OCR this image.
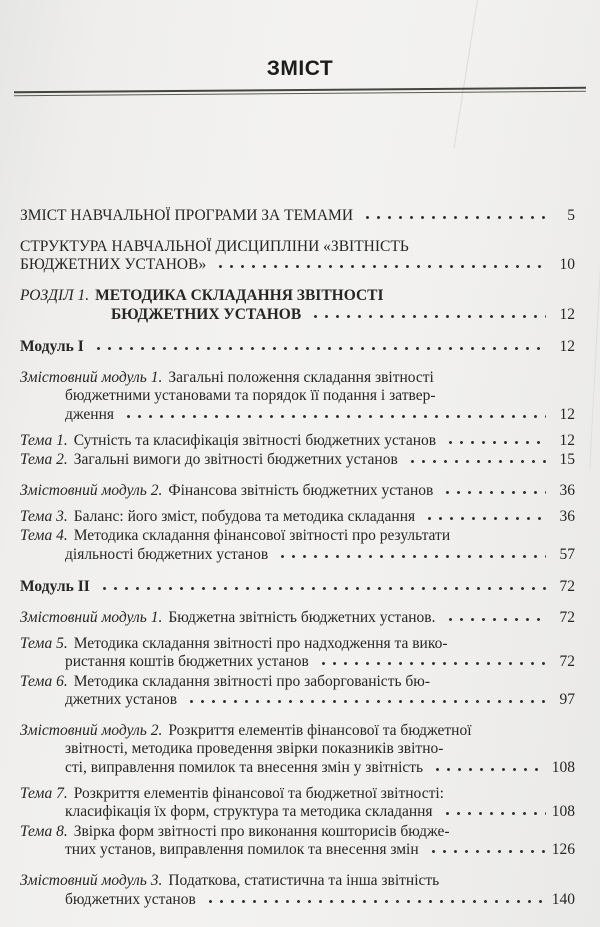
ЗМІСТ
ЗМІСТ НАВЧАЛЬНОЇ ПРОГРАМИ ЗА ТЕМАМИ	5
СТРУКТУРА НАВЧАЛЬНОЇ ДИСЦИПЛІНИ «ЗВІТНІСТЬ
БЮДЖЕТНИХ УСТАНОВ»	10
РОЗДІЛ 1. МЕТОДИКА СКЛАДАННЯ ЗВІТНОСТІ
БЮДЖЕТНИХ УСТАНОВ	12
Модуль I	12
Змістовний модуль 1. Загальні положення складання звітності
бюджетними установами та порядок її подання і затвер-
дження	12
Тема 1. Сутність та класифікація звітності бюджетних установ	12
Тема 2. Загальні вимоги до звітності бюджетних установ	15
Змістовний модуль 2. Фінансова звітність бюджетних установ	36
Тема 3. Баланс: його зміст, побудова та методика складання	36
Тема 4. Методика складання фінансової звітності про результати
діяльності бюджетних установ	57
Модуль II	72
Змістовний модуль 1. Бюджетна звітність бюджетних установ.	72
Тема 5. Методика складання звітності про надходження та вико-
ристання коштів бюджетних установ	72
Тема 6. Методика складання звітності про заборгованість бю-
джетних установ	97
Змістовний модуль 2. Розкриття елементів фінансової та бюджетної
звітності, методика проведення звірки показників звітно-
сті, виправлення помилок та внесення змін у звітність	108
Тема 7. Розкриття елементів фінансової та бюджетної звітності:
класифікація їх форм, структура та методика складання	108
Тема 8. Звірка форм звітності про виконання кошторисів бюдже-
тних установ, виправлення помилок та внесення змін	126
Змістовний модуль 3. Податкова, статистична та інша звітність
бюджетних установ	140
